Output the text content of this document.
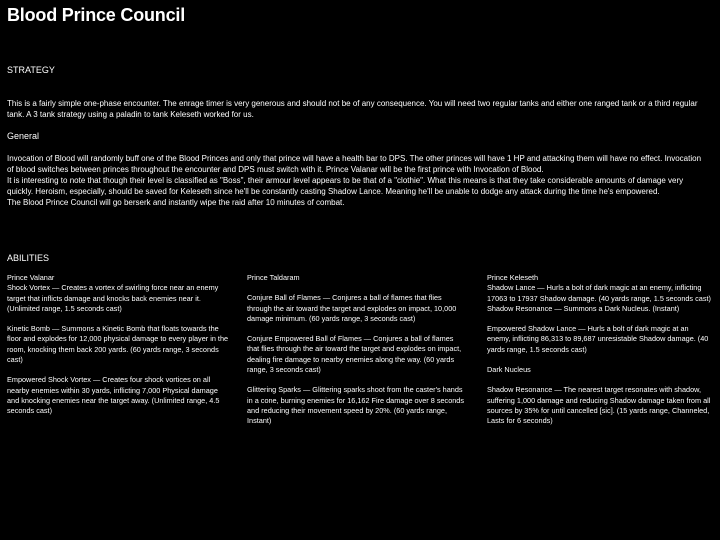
Blood Prince Council
STRATEGY
This is a fairly simple one-phase encounter. The enrage timer is very generous and should not be of any consequence. You will need two regular tanks and either one ranged tank or a third regular tank. A 3 tank strategy using a paladin to tank Keleseth worked for us.
General

Invocation of Blood will randomly buff one of the Blood Princes and only that prince will have a health bar to DPS. The other princes will have 1 HP and attacking them will have no effect. Invocation of blood switches between princes throughout the encounter and DPS must switch with it. Prince Valanar will be the first prince with Invocation of Blood.

It is interesting to note that though their level is classified as "Boss", their armour level appears to be that of a "clothie". What this means is that they take considerable amounts of damage very quickly. Heroism, especially, should be saved for Keleseth since he'll be constantly casting Shadow Lance. Meaning he'll be unable to dodge any attack during the time he's empowered.

The Blood Prince Council will go berserk and instantly wipe the raid after 10 minutes of combat.

ABILITIES

Prince Valanar

Shock Vortex — Creates a vortex of swirling force near an enemy target that inflicts damage and knocks back enemies near it. (Unlimited range, 1.5 seconds cast)

Kinetic Bomb — Summons a Kinetic Bomb that floats towards the floor and explodes for 12,000 physical damage to every player in the room, knocking them back 200 yards. (60 yards range, 3 seconds cast)

Empowered Shock Vortex — Creates four shock vortices on all nearby enemies within 30 yards, inflicting 7,000 Physical damage and knocking enemies near the target away. (Unlimited range, 4.5 seconds cast)

Prince Taldaram

Conjure Ball of Flames — Conjures a ball of flames that flies through the air toward the target and explodes on impact, 10,000 damage minimum. (60 yards range, 3 seconds cast)

Conjure Empowered Ball of Flames — Conjures a ball of flames that flies through the air toward the target and explodes on impact, dealing fire damage to nearby enemies along the way. (60 yards range, 3 seconds cast)

Glittering Sparks — Glittering sparks shoot from the caster's hands in a cone, burning enemies for 16,162 Fire damage over 8 seconds and reducing their movement speed by 20%. (60 yards range, Instant)

Prince Keleseth

Shadow Lance — Hurls a bolt of dark magic at an enemy, inflicting 17063 to 17937 Shadow damage. (40 yards range, 1.5 seconds cast)

Shadow Resonance — Summons a Dark Nucleus. (Instant)

Empowered Shadow Lance — Hurls a bolt of dark magic at an enemy, inflicting 86,313 to 89,687 unresistable Shadow damage. (40 yards range, 1.5 seconds cast)

Dark Nucleus

Shadow Resonance — The nearest target resonates with shadow, suffering 1,000 damage and reducing Shadow damage taken from all sources by 35% for until cancelled [sic]. (15 yards range, Channeled, Lasts for 6 seconds)
